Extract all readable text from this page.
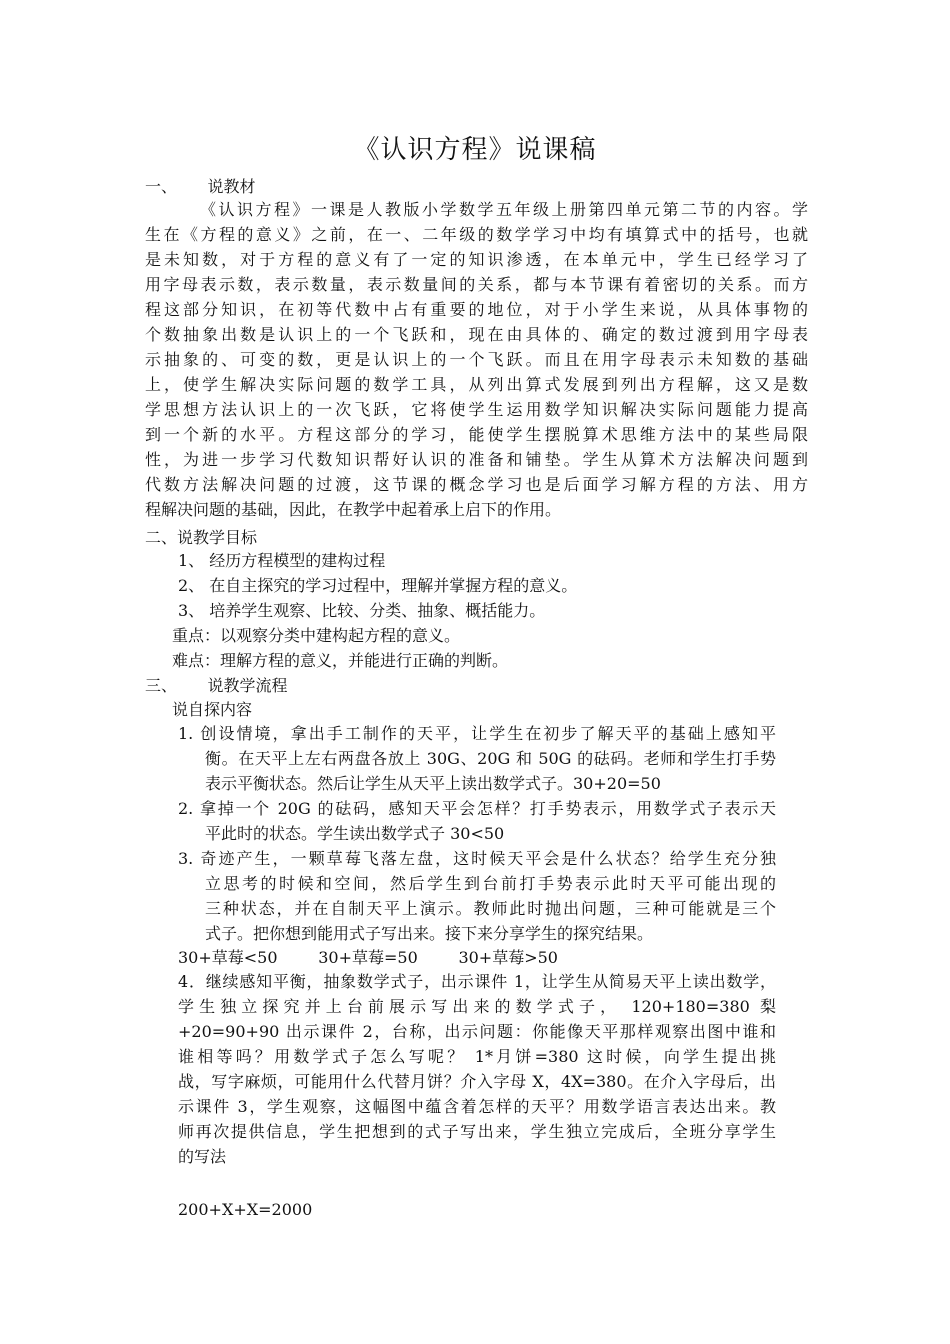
《认识方程》说课稿
一、      说教材
《认识方程》一课是人教版小学数学五年级上册第四单元第二节的内容。学
生在《方程的意义》之前，在一、二年级的数学学习中均有填算式中的括号，也就
是未知数，对于方程的意义有了一定的知识渗透，在本单元中，学生已经学习了
用字母表示数，表示数量，表示数量间的关系，都与本节课有着密切的关系。而方
程这部分知识，在初等代数中占有重要的地位，对于小学生来说，从具体事物的
个数抽象出数是认识上的一个飞跃和，现在由具体的、确定的数过渡到用字母表
示抽象的、可变的数，更是认识上的一个飞跃。而且在用字母表示未知数的基础
上，使学生解决实际问题的数学工具，从列出算式发展到列出方程解，这又是数
学思想方法认识上的一次飞跃，它将使学生运用数学知识解决实际问题能力提高
到一个新的水平。方程这部分的学习，能使学生摆脱算术思维方法中的某些局限
性，为进一步学习代数知识帮好认识的准备和铺垫。学生从算术方法解决问题到
代数方法解决问题的过渡，这节课的概念学习也是后面学习解方程的方法、用方
程解决问题的基础，因此，在教学中起着承上启下的作用。
二、说教学目标
1、 经历方程模型的建构过程
2、 在自主探究的学习过程中，理解并掌握方程的意义。
3、 培养学生观察、比较、分类、抽象、概括能力。
重点：以观察分类中建构起方程的意义。
难点：理解方程的意义，并能进行正确的判断。
三、      说教学流程
说自探内容
1. 创设情境，拿出手工制作的天平，让学生在初步了解天平的基础上感知平
衡。在天平上左右两盘各放上 30G、20G 和 50G 的砝码。老师和学生打手势
表示平衡状态。然后让学生从天平上读出数学式子。30+20=50
2. 拿掉一个 20G 的砝码，感知天平会怎样？打手势表示，用数学式子表示天
平此时的状态。学生读出数学式子 30<50
3. 奇迹产生，一颗草莓飞落左盘，这时候天平会是什么状态？给学生充分独
立思考的时候和空间，然后学生到台前打手势表示此时天平可能出现的
三种状态，并在自制天平上演示。教师此时抛出问题，三种可能就是三个
式子。把你想到能用式子写出来。接下来分享学生的探究结果。
30+草莓<50        30+草莓=50        30+草莓>50
4．继续感知平衡，抽象数学式子，出示课件 1，让学生从简易天平上读出数学，
学生独立探究并上台前展示写出来的数学式子， 120+180=380 梨
+20=90+90 出示课件 2，台称，出示问题：你能像天平那样观察出图中谁和
谁相等吗？用数学式子怎么写呢？ 1*月饼=380 这时候，向学生提出挑
战，写字麻烦，可能用什么代替月饼？介入字母 X，4X=380。在介入字母后，出
示课件 3，学生观察，这幅图中蕴含着怎样的天平？用数学语言表达出来。教
师再次提供信息，学生把想到的式子写出来，学生独立完成后，全班分享学生
的写法
200+X+X=2000
